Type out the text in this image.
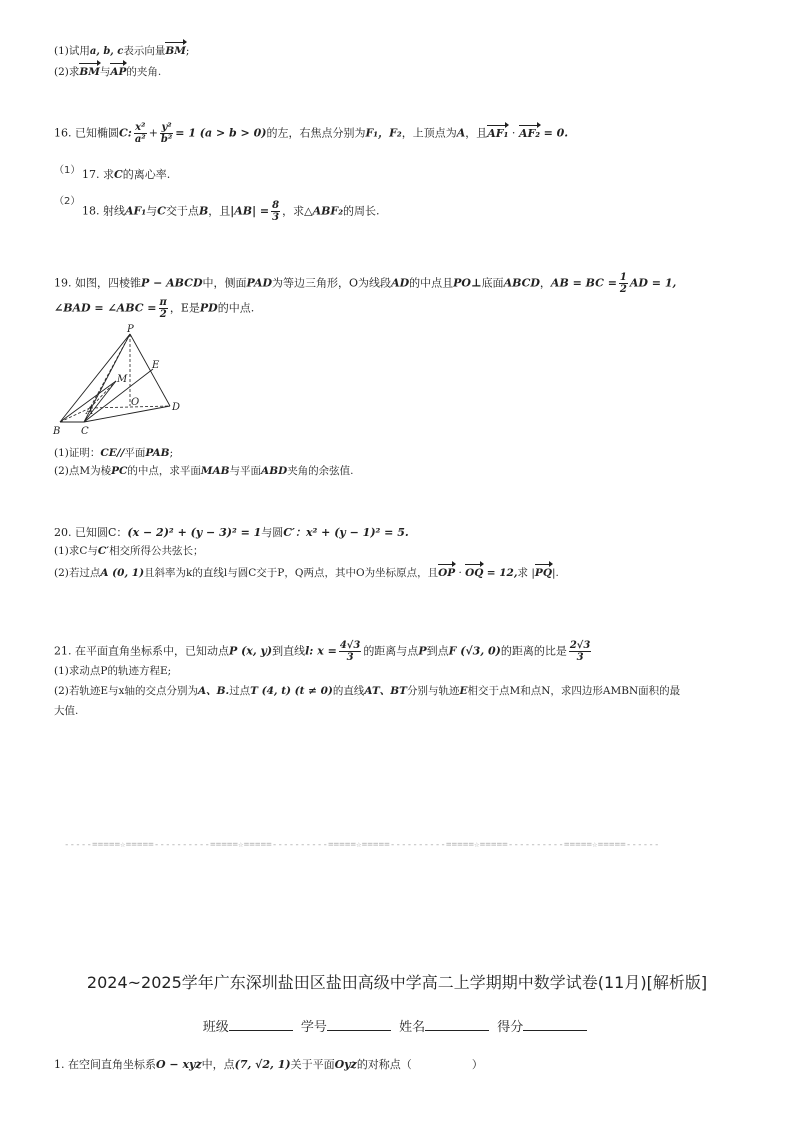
(1)试用a, b, c表示向量BM;
(2)求BM与AP的夹角.
16. 已知椭圆C: $\frac{\text{x²}}{\text{a²}} + \frac{\text{y²}}{\text{b²}} = 1$ (a > b > 0)的左，右焦点分别为F₁，F₂，上顶点为A，且AF₁ · AF₂ = 0.
（1） 17. 求C的离心率.
（2）
18. 射线AF₁与C交于点B，且$|AB| = \frac{8}{3}$ ，求△ABF₂的周长.
19. 如图，四棱锥P − ABCD中，侧面PAD为等边三角形，O为线段AD的中点且PO⊥底面ABCD，AB = BC = $\frac{1}{2}$ AD = 1,
∠BAD = ∠ABC = $\frac{\pi}{2}$ ，E是PD的中点.
P
E
M
A
O	D
B C
(1)证明：CE//平面PAB;
(2)点M为棱PC的中点，求平面MAB与平面ABD夹角的余弦值.
20. 已知圆C：(x − 2)² + (y − 3)² = 1与圆C′：x² + (y − 1)² = 5.
(1)求C与C′相交所得公共弦长；
(2)若过点A (0, 1)且斜率为k的直线l与圆C交于P，Q两点，其中O为坐标原点，且OP · OQ = 12,求 |PQ|.
21. 在平面直角坐标系中，已知动点P (x, y)到直线l: $x = \frac{4√3}{3}$ 的距离与点P到点F (√3, 0)的距离的比是 $\frac{2√3}{3}$
(1)求动点P的轨迹方程E;
(2)若轨迹E与x轴的交点分别为A、B.过点T (4, t) (t ≠ 0)的直线AT、BT分别与轨迹E相交于点M和点N，求四边形AMBN面积的最
大值.
-----=====☆=====----------=====☆=====----------=====☆=====----------=====☆=====----------=====☆=====------
2024~2025学年广东深圳盐田区盐田高级中学高二上学期期中数学试卷(11月)[解析版]
班级	学号	姓名	得分
1. 在空间直角坐标系O − xyz中，点(7, √2, 1)关于平面Oyz的对称点（	）
